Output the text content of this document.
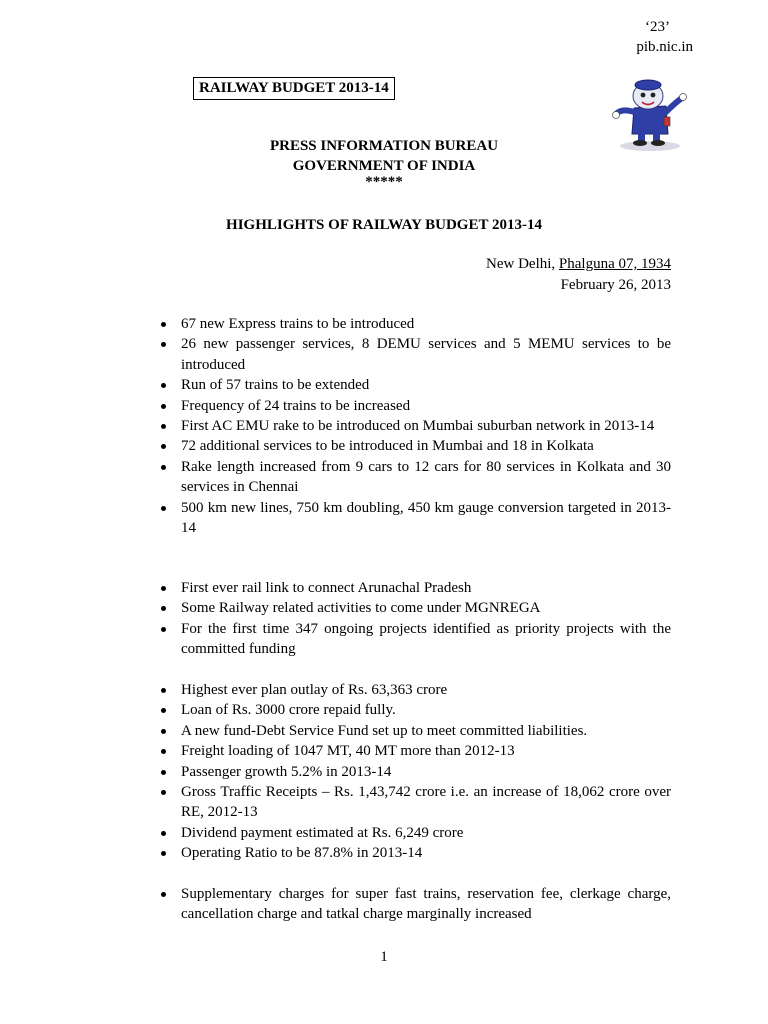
‘23’
pib.nic.in
RAILWAY BUDGET 2013-14
PRESS INFORMATION BUREAU
GOVERNMENT OF INDIA
*****
HIGHLIGHTS OF RAILWAY BUDGET 2013-14
New Delhi, Phalguna 07, 1934
February 26, 2013
67 new Express trains to be introduced
26 new passenger services, 8 DEMU services and 5 MEMU services to be introduced
Run of 57 trains to be extended
Frequency of 24 trains to be increased
First AC EMU rake to be introduced on Mumbai suburban network in 2013-14
72 additional services to be introduced in Mumbai and 18 in Kolkata
Rake length increased from 9 cars to 12 cars for 80 services in Kolkata and 30 services in Chennai
500 km new lines, 750 km doubling, 450 km gauge conversion targeted in 2013-14
First ever rail link to connect Arunachal Pradesh
Some Railway related activities to come under MGNREGA
For the first time 347 ongoing projects identified as priority projects with the committed funding
Highest ever plan outlay of Rs. 63,363 crore
Loan of Rs. 3000 crore repaid fully.
A new fund-Debt Service Fund set up to meet committed liabilities.
Freight loading of 1047 MT, 40 MT more than 2012-13
Passenger growth 5.2% in 2013-14
Gross Traffic Receipts – Rs. 1,43,742 crore i.e. an increase of 18,062 crore over RE, 2012-13
Dividend payment estimated at Rs. 6,249 crore
Operating Ratio to be 87.8% in 2013-14
Supplementary charges for super fast trains, reservation fee, clerkage charge, cancellation charge and tatkal charge marginally increased
1
